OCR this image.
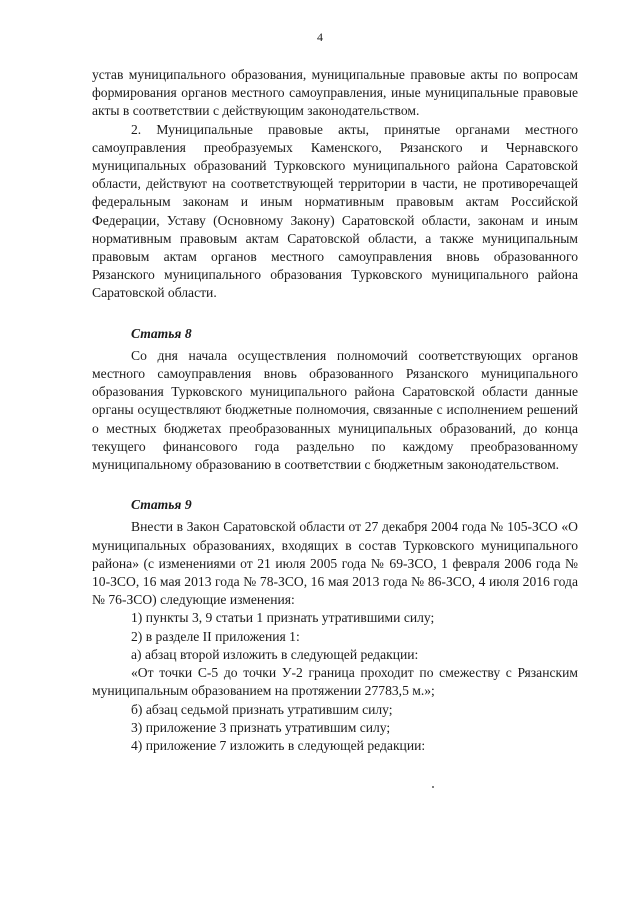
4

устав муниципального образования, муниципальные правовые акты по вопросам формирования органов местного самоуправления, иные муниципальные правовые акты в соответствии с действующим законодательством.

2. Муниципальные правовые акты, принятые органами местного самоуправления преобразуемых Каменского, Рязанского и Чернавского муниципальных образований Турковского муниципального района Саратовской области, действуют на соответствующей территории в части, не противоречащей федеральным законам и иным нормативным правовым актам Российской Федерации, Уставу (Основному Закону) Саратовской области, законам и иным нормативным правовым актам Саратовской области, а также муниципальным правовым актам органов местного самоуправления вновь образованного Рязанского муниципального образования Турковского муниципального района Саратовской области.

Статья 8

Со дня начала осуществления полномочий соответствующих органов местного самоуправления вновь образованного Рязанского муниципального образования Турковского муниципального района Саратовской области данные органы осуществляют бюджетные полномочия, связанные с исполнением решений о местных бюджетах преобразованных муниципальных образований, до конца текущего финансового года раздельно по каждому преобразованному муниципальному образованию в соответствии с бюджетным законодательством.

Статья 9

Внести в Закон Саратовской области от 27 декабря 2004 года № 105-ЗСО «О муниципальных образованиях, входящих в состав Турковского муниципального района» (с изменениями от 21 июля 2005 года № 69-ЗСО, 1 февраля 2006 года № 10-ЗСО, 16 мая 2013 года № 78-ЗСО, 16 мая 2013 года № 86-ЗСО, 4 июля 2016 года № 76-ЗСО) следующие изменения:

1) пункты 3, 9 статьи 1 признать утратившими силу;

2) в разделе II приложения 1:

а) абзац второй изложить в следующей редакции:

«От точки С-5 до точки У-2 граница проходит по смежеству с Рязанским муниципальным образованием на протяжении 27783,5 м.»;

б) абзац седьмой признать утратившим силу;

3) приложение 3 признать утратившим силу;

4) приложение 7 изложить в следующей редакции:
